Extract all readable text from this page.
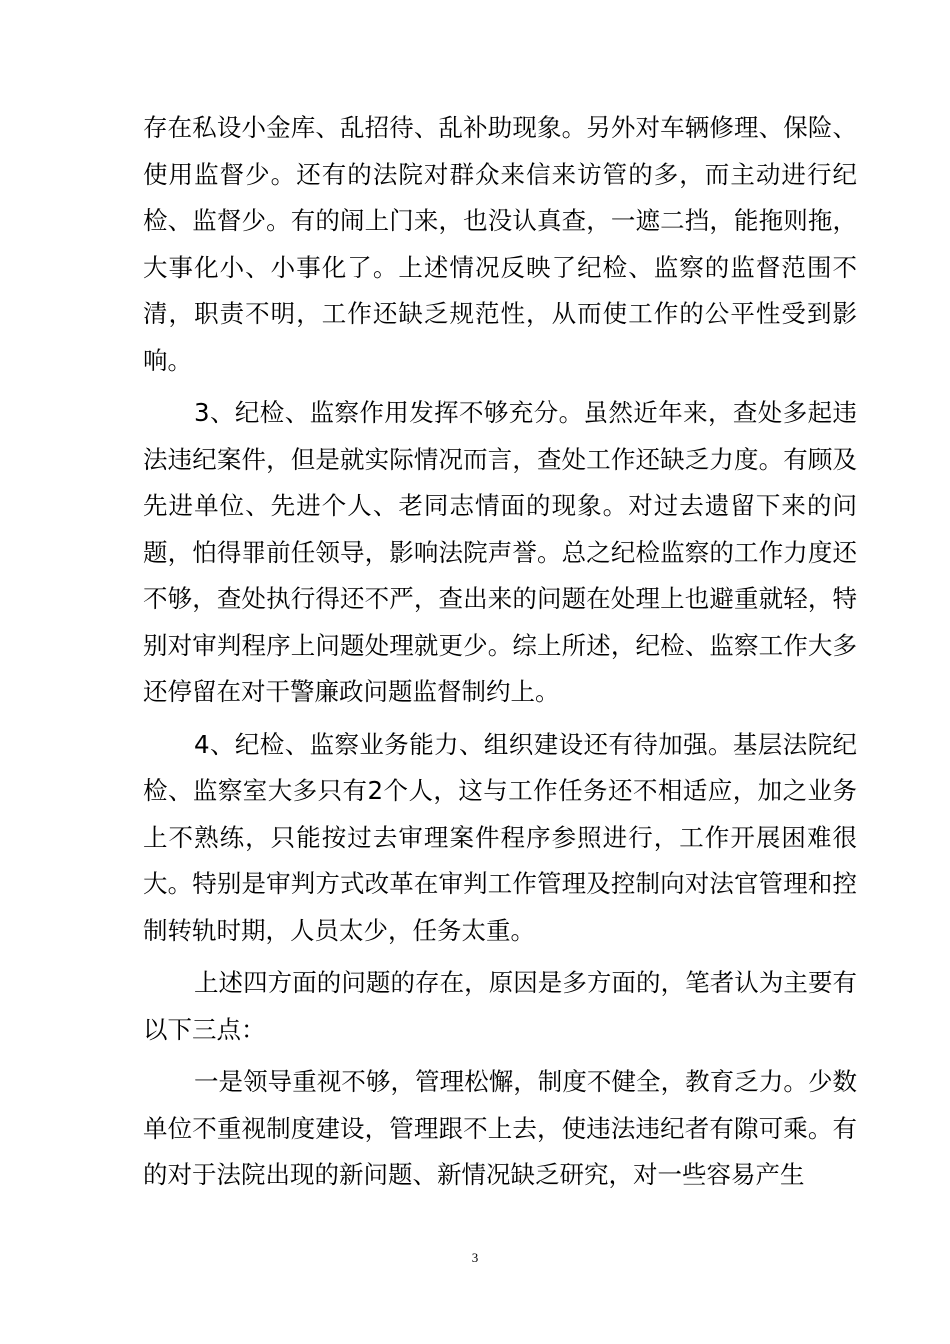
存在私设小金库、乱招待、乱补助现象。另外对车辆修理、保险、使用监督少。还有的法院对群众来信来访管的多，而主动进行纪检、监督少。有的闹上门来，也没认真查，一遮二挡，能拖则拖，大事化小、小事化了。上述情况反映了纪检、监察的监督范围不清，职责不明，工作还缺乏规范性，从而使工作的公平性受到影响。

3、纪检、监察作用发挥不够充分。虽然近年来，查处多起违法违纪案件，但是就实际情况而言，查处工作还缺乏力度。有顾及先进单位、先进个人、老同志情面的现象。对过去遗留下来的问题，怕得罪前任领导，影响法院声誉。总之纪检监察的工作力度还不够，查处执行得还不严，查出来的问题在处理上也避重就轻，特别对审判程序上问题处理就更少。综上所述，纪检、监察工作大多还停留在对干警廉政问题监督制约上。

4、纪检、监察业务能力、组织建设还有待加强。基层法院纪检、监察室大多只有2个人，这与工作任务还不相适应，加之业务上不熟练，只能按过去审理案件程序参照进行，工作开展困难很大。特别是审判方式改革在审判工作管理及控制向对法官管理和控制转轨时期，人员太少，任务太重。

上述四方面的问题的存在，原因是多方面的，笔者认为主要有以下三点：

一是领导重视不够，管理松懈，制度不健全，教育乏力。少数单位不重视制度建设，管理跟不上去，使违法违纪者有隙可乘。有的对于法院出现的新问题、新情况缺乏研究，对一些容易产生

3
